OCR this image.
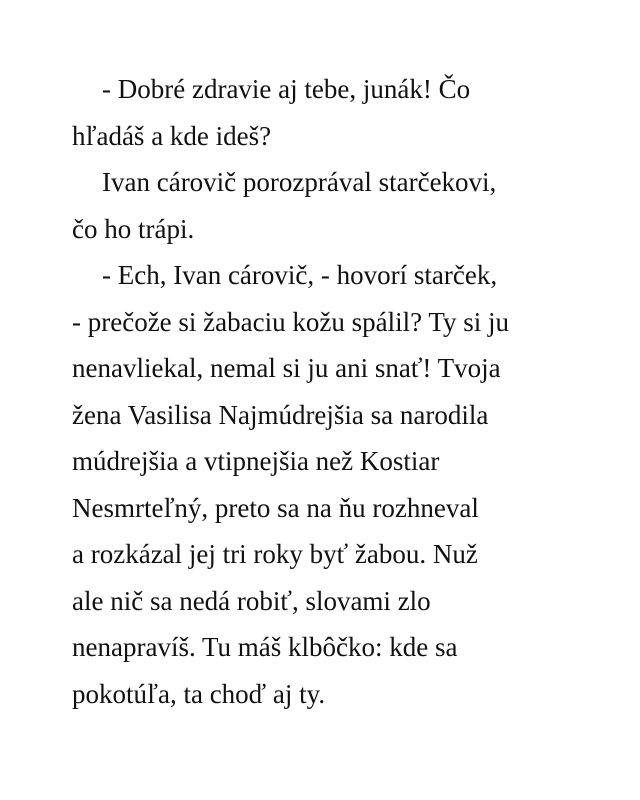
- Dobré zdravie aj tebe, junák! Čo
hľadáš a kde ideš?
Ivan cárovič porozprával starčekovi,
čo ho trápi.
- Ech, Ivan cárovič, - hovorí starček,
- prečože si žabaciu kožu spálil? Ty si ju
nenavliekal, nemal si ju ani snať! Tvoja
žena Vasilisa Najmúdrejšia sa narodila
múdrejšia a vtipnejšia než Kostiar
Nesmrteľný, preto sa na ňu rozhneval
a rozkázal jej tri roky byť žabou. Nuž
ale nič sa nedá robiť, slovami zlo
nenapravíš. Tu máš klbôčko: kde sa
pokotúľa, ta choď aj ty.
